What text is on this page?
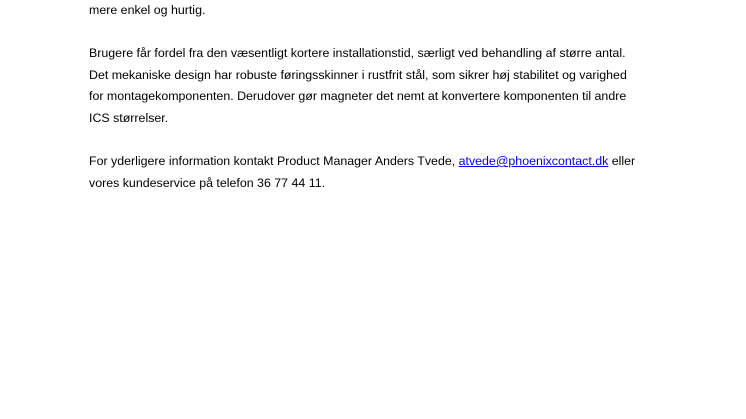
mere enkel og hurtig.
Brugere får fordel fra den væsentligt kortere installationstid, særligt ved behandling af større antal.
Det mekaniske design har robuste føringsskinner i rustfrit stål, som sikrer høj stabilitet og varighed
for montagekomponenten. Derudover gør magneter det nemt at konvertere komponenten til andre
ICS størrelser.
For yderligere information kontakt Product Manager Anders Tvede, atvede@phoenixcontact.dk eller
vores kundeservice på telefon 36 77 44 11.
